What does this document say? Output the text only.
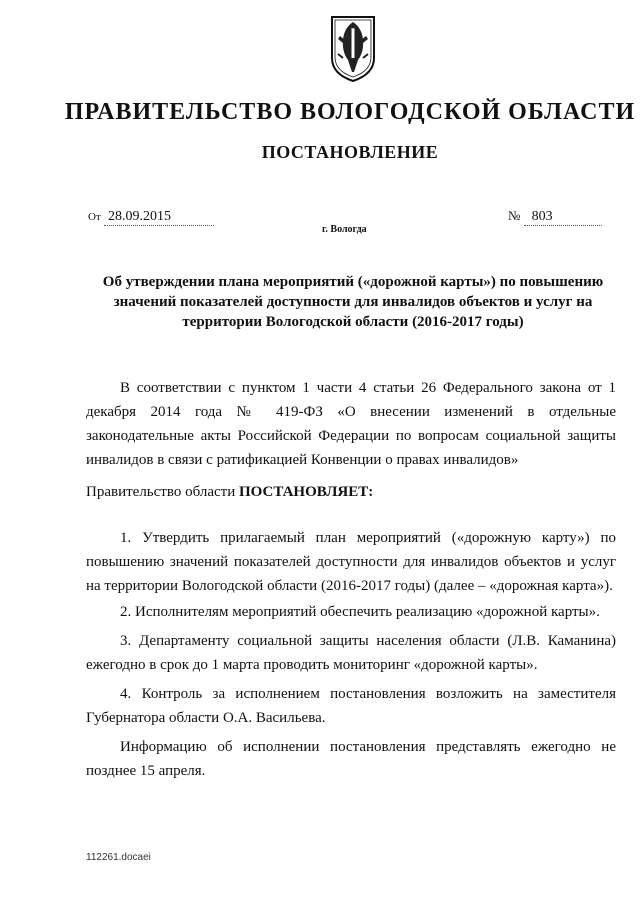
ПРАВИТЕЛЬСТВО ВОЛОГОДСКОЙ ОБЛАСТИ
ПОСТАНОВЛЕНИЕ
От 28.09.2015	№ 803
г. Вологда
Об утверждении плана мероприятий («дорожной карты») по повышению значений показателей доступности для инвалидов объектов и услуг на территории Вологодской области (2016-2017 годы)
В соответствии с пунктом 1 части 4 статьи 26 Федерального закона от 1 декабря 2014 года № 419-ФЗ «О внесении изменений в отдельные законодательные акты Российской Федерации по вопросам социальной защиты инвалидов в связи с ратификацией Конвенции о правах инвалидов»
Правительство области ПОСТАНОВЛЯЕТ:
1. Утвердить прилагаемый план мероприятий («дорожную карту») по повышению значений показателей доступности для инвалидов объектов и услуг на территории Вологодской области (2016-2017 годы) (далее – «дорожная карта»).
2. Исполнителям мероприятий обеспечить реализацию «дорожной карты».
3. Департаменту социальной защиты населения области (Л.В. Каманина) ежегодно в срок до 1 марта проводить мониторинг «дорожной карты».
4. Контроль за исполнением постановления возложить на заместителя Губернатора области О.А. Васильева.
Информацию об исполнении постановления представлять ежегодно не позднее 15 апреля.
112261.docaei
